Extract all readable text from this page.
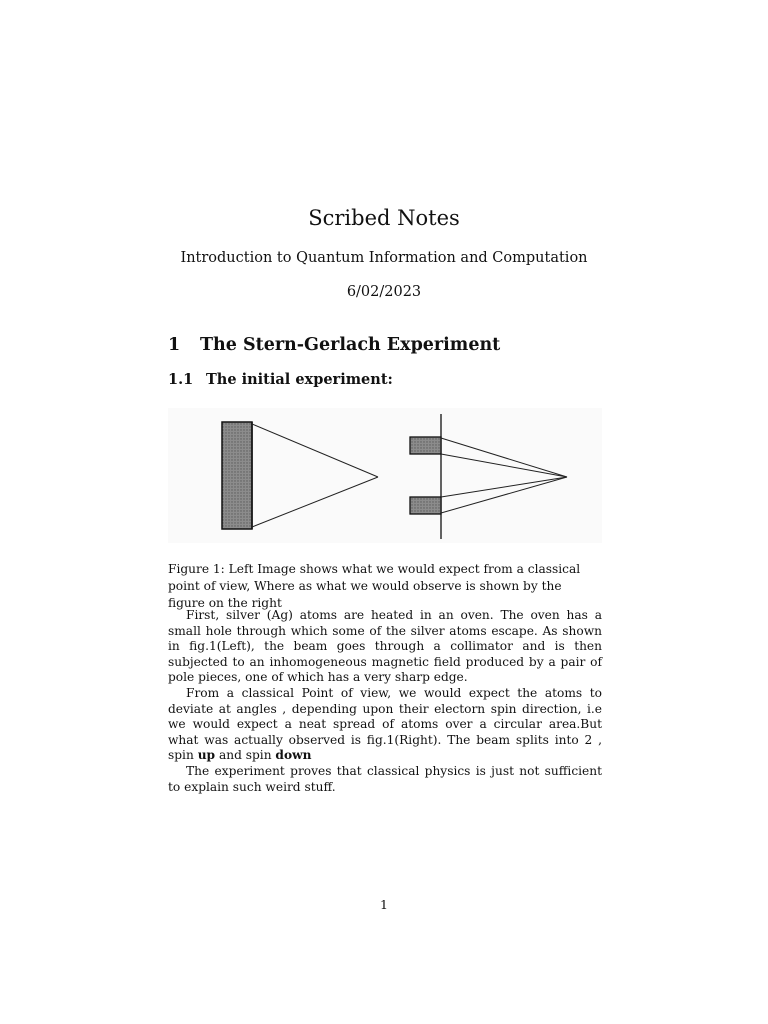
Scribed Notes

Introduction to Quantum Information and Computation

6/02/2023

1 The Stern-Gerlach Experiment
1.1 The initial experiment:

Figure 1: Left Image shows what we would expect from a classical point of view, Where as what we would observe is shown by the figure on the right

First, silver (Ag) atoms are heated in an oven. The oven has a small hole through which some of the silver atoms escape. As shown in fig.1(Left), the beam goes through a collimator and is then subjected to an inhomogeneous magnetic field produced by a pair of pole pieces, one of which has a very sharp edge.

From a classical Point of view, we would expect the atoms to deviate at angles , depending upon their electorn spin direction, i.e we would expect a neat spread of atoms over a circular area.But what was actually observed is fig.1(Right). The beam splits into 2 , spin up and spin down

The experiment proves that classical physics is just not sufficient to explain such weird stuff.

1
